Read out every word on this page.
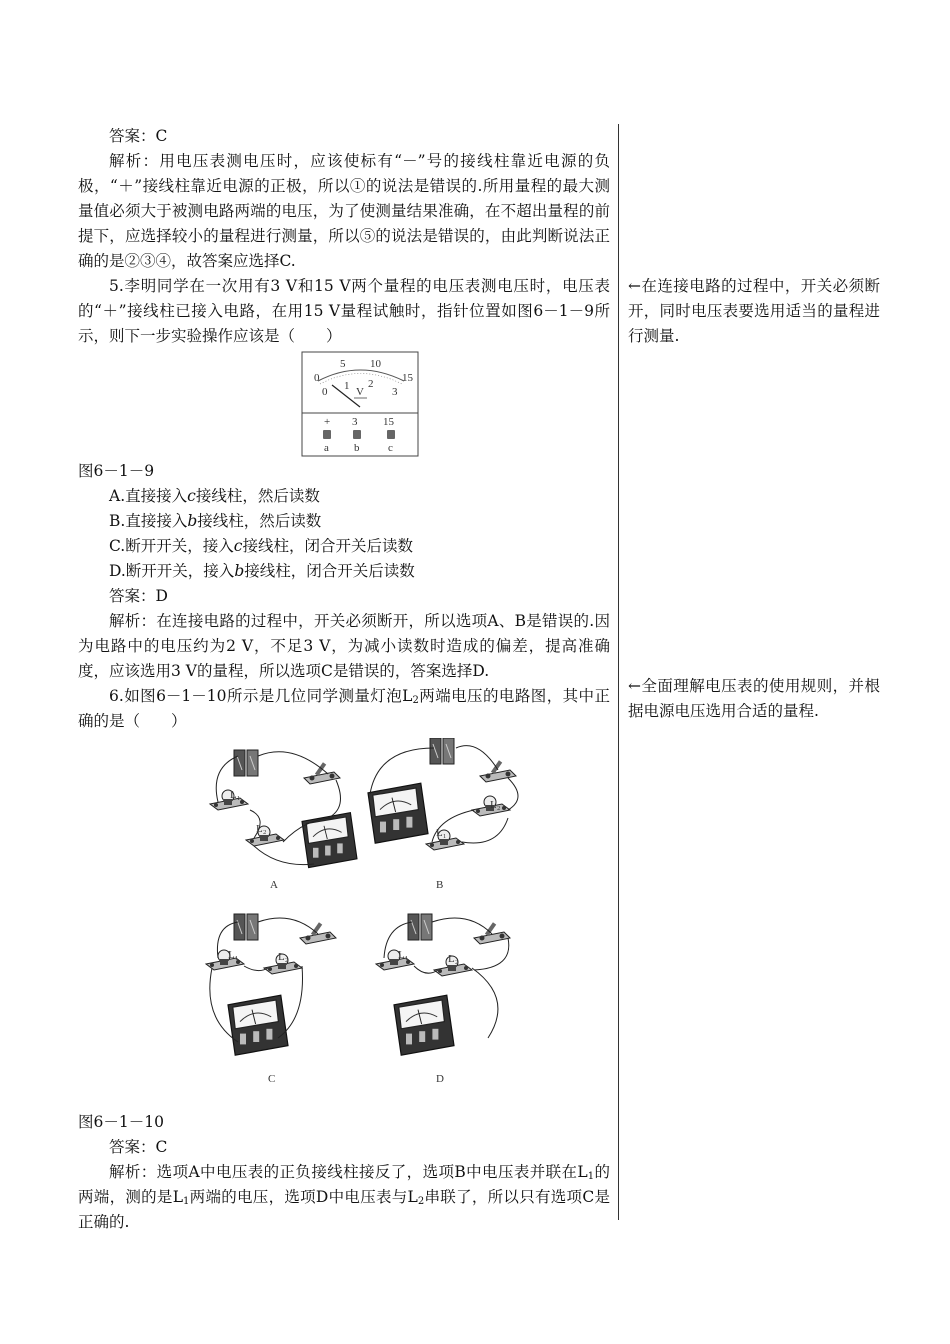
答案：C

解析：用电压表测电压时，应该使标有“－”号的接线柱靠近电源的负极，“＋”接线柱靠近电源的正极，所以①的说法是错误的.所用量程的最大测量值必须大于被测电路两端的电压，为了使测量结果准确，在不超出量程的前提下，应选择较小的量程进行测量，所以⑤的说法是错误的，由此判断说法正确的是②③④，故答案应选择C.

5.李明同学在一次用有3 V和15 V两个量程的电压表测电压时，电压表的“＋”接线柱已接入电路，在用15 V量程试触时，指针位置如图6－1－9所示，则下一步实验操作应该是（　　）

0
5 10
15
0 1 2
3
V
+ 3 15
a b	c

图6－1－9

A.直接接入c接线柱，然后读数

B.直接接入b接线柱，然后读数

C.断开开关，接入c接线柱，闭合开关后读数

D.断开开关，接入b接线柱，闭合开关后读数

答案：D

解析：在连接电路的过程中，开关必须断开，所以选项A、B是错误的.因为电路中的电压约为2 V，不足3 V，为减小读数时造成的偏差，提高准确度，应该选用3 V的量程，所以选项C是错误的，答案选择D.

6.如图6－1－10所示是几位同学测量灯泡$L_2$两端电压的电路图，其中正确的是（　　）

L₁
L₂
A
L₂
L₁
B
L₁	L₂
C
L₁	L₂
D

图6－1－10

答案：C

解析：选项A中电压表的正负接线柱接反了，选项B中电压表并联在$L_1$的两端，测的是$L_1$两端的电压，选项D中电压表与$L_2$串联了，所以只有选项C是正确的.

←在连接电路的过程中，开关必须断开，同时电压表要选用适当的量程进行测量.
←全面理解电压表的使用规则，并根据电源电压选用合适的量程.
